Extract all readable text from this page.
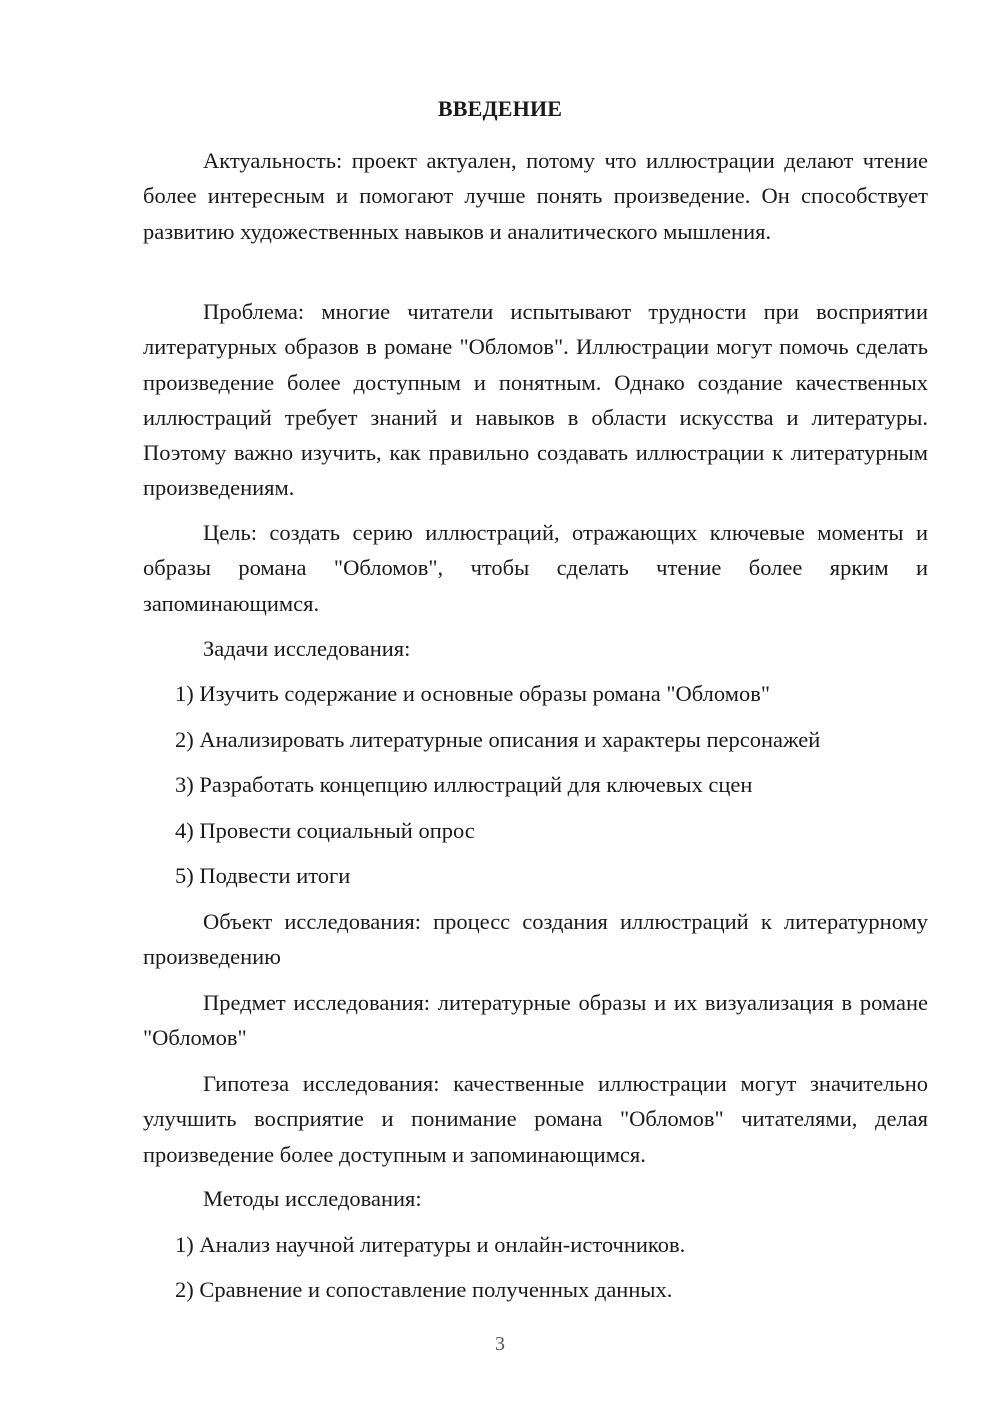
ВВЕДЕНИЕ

Актуальность: проект актуален, потому что иллюстрации делают чтение более интересным и помогают лучше понять произведение. Он способствует развитию художественных навыков и аналитического мышления.

Проблема: многие читатели испытывают трудности при восприятии литературных образов в романе "Обломов". Иллюстрации могут помочь сделать произведение более доступным и понятным. Однако создание качественных иллюстраций требует знаний и навыков в области искусства и литературы. Поэтому важно изучить, как правильно создавать иллюстрации к литературным произведениям.

Цель: создать серию иллюстраций, отражающих ключевые моменты и образы романа "Обломов", чтобы сделать чтение более ярким и запоминающимся.

Задачи исследования:

1) Изучить содержание и основные образы романа "Обломов"

2) Анализировать литературные описания и характеры персонажей

3) Разработать концепцию иллюстраций для ключевых сцен

4) Провести социальный опрос

5) Подвести итоги

Объект исследования: процесс создания иллюстраций к литературному произведению

Предмет исследования: литературные образы и их визуализация в романе "Обломов"

Гипотеза исследования: качественные иллюстрации могут значительно улучшить восприятие и понимание романа "Обломов" читателями, делая произведение более доступным и запоминающимся.

Методы исследования:

1) Анализ научной литературы и онлайн-источников.

2) Сравнение и сопоставление полученных данных.

3
